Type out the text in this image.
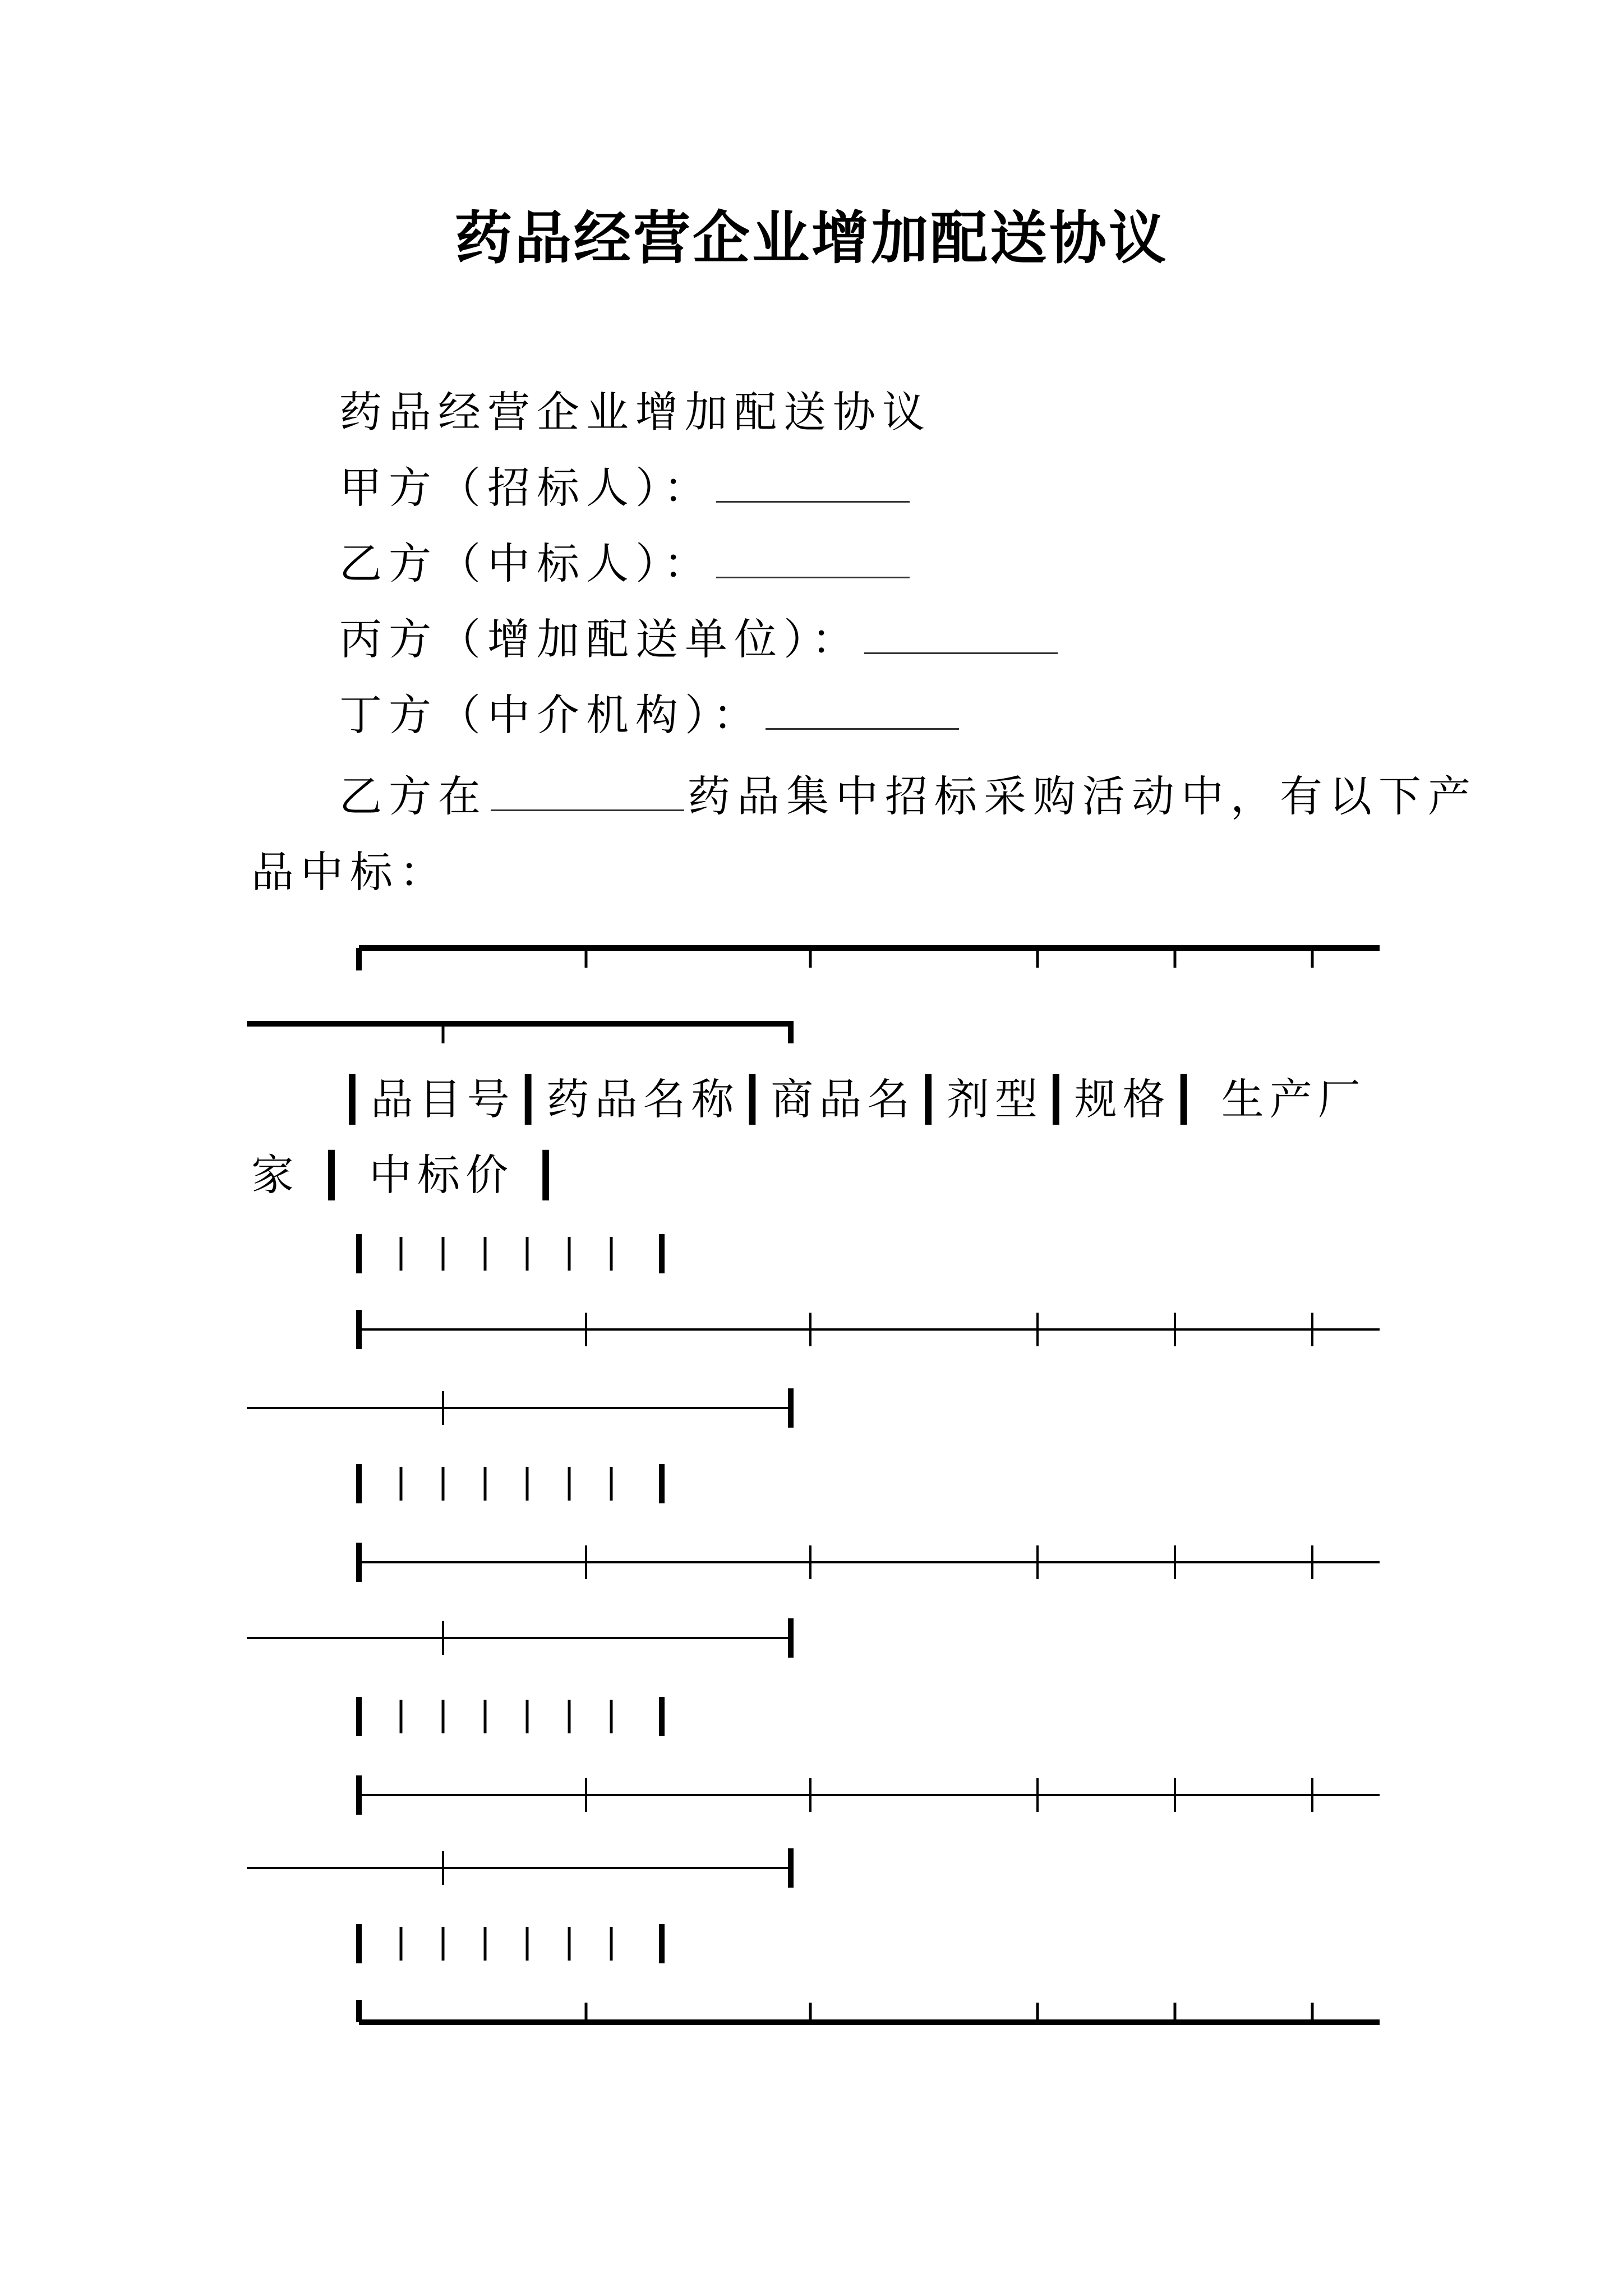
药品经营企业增加配送协议
药品经营企业增加配送协议
甲方（招标人）：
乙方（中标人）：
丙方（增加配送单位）：
丁方（中介机构）：
乙方在	药品集中招标采购活动中，有以下产
品中标：
┃品目号┃药品名称┃商品名┃剂型┃规格┃ 生产厂
家 ┃ 中标价 ┃
